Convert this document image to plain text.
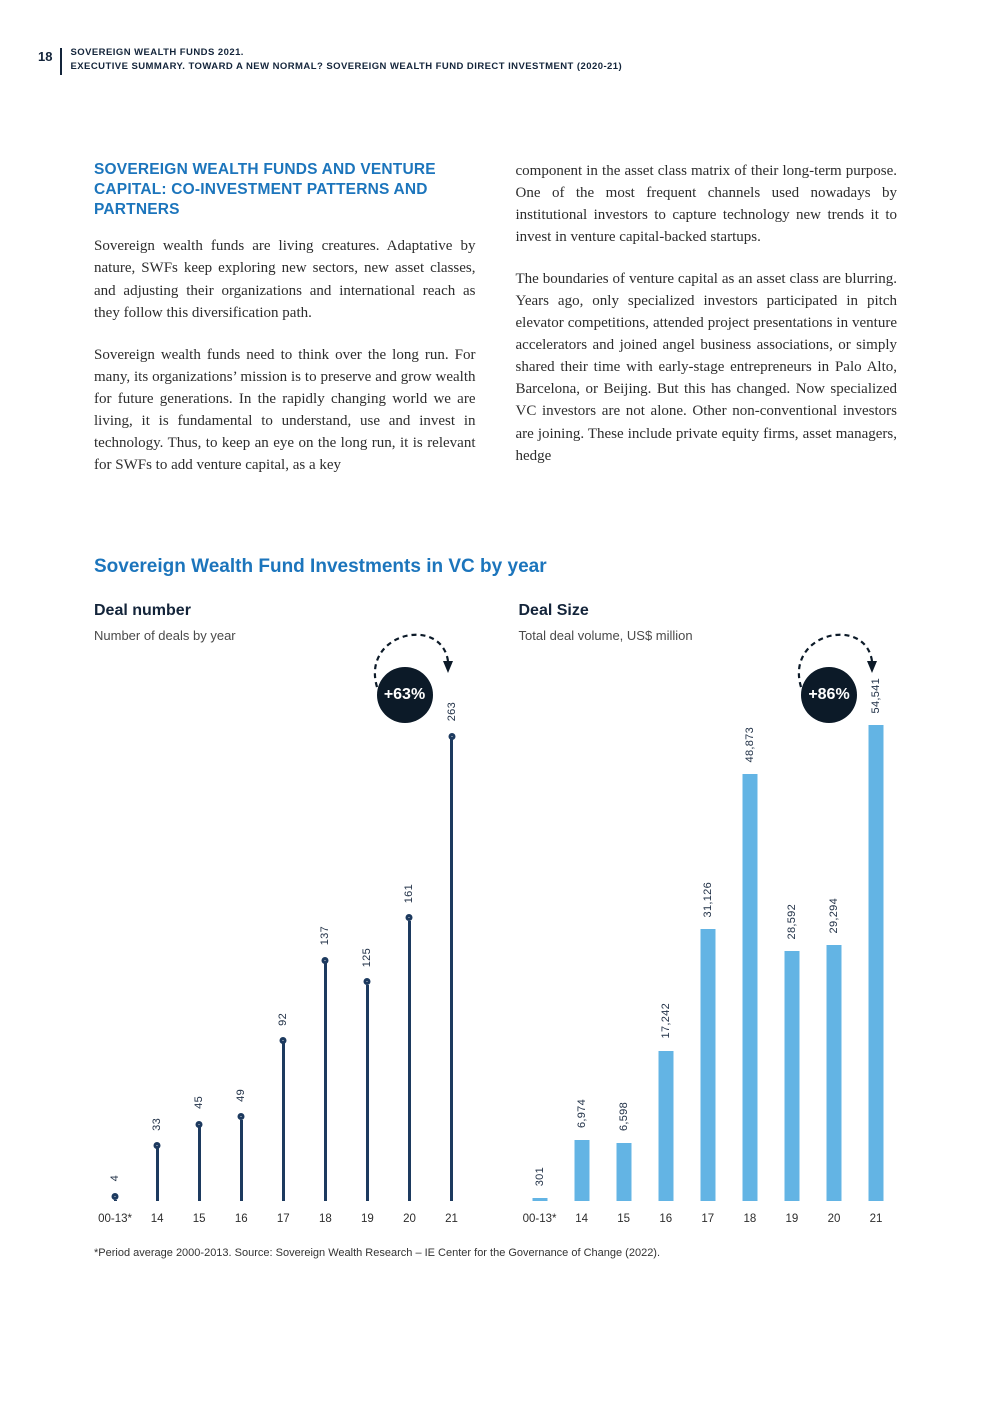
18 SOVEREIGN WEALTH FUNDS 2021.
EXECUTIVE SUMMARY. TOWARD A NEW NORMAL? SOVEREIGN WEALTH FUND DIRECT INVESTMENT (2020-21)
SOVEREIGN WEALTH FUNDS AND VENTURE CAPITAL: CO-INVESTMENT PATTERNS AND PARTNERS

Sovereign wealth funds are living creatures. Adaptative by nature, SWFs keep exploring new sectors, new asset classes, and adjusting their organizations and international reach as they follow this diversification path.

Sovereign wealth funds need to think over the long run. For many, its organizations’ mission is to preserve and grow wealth for future generations. In the rapidly changing world we are living, it is fundamental to understand, use and invest in technology. Thus, to keep an eye on the long run, it is relevant for SWFs to add venture capital, as a key

component in the asset class matrix of their long-term purpose. One of the most frequent channels used nowadays by institutional investors to capture technology new trends it to invest in venture capital-backed startups.

The boundaries of venture capital as an asset class are blurring. Years ago, only specialized investors participated in pitch elevator competitions, attended project presentations in venture accelerators and joined angel business associations, or simply shared their time with early-stage entrepreneurs in Palo Alto, Barcelona, or Beijing. But this has changed. Now specialized VC investors are not alone. Other non-conventional investors are joining. These include private equity firms, asset managers, hedge

Sovereign Wealth Fund Investments in VC by year
Deal number
Number of deals by year
+63%
4
00-13*
33
14
45
15
49
16
92
17
137
18
125
19
161
20
263
21
Deal Size
Total deal volume, US$ million
+86%
301
00-13*
6,974
14
6,598
15
17,242
16
31,126
17
48,873
18
28,592
19
29,294
20
54,541
21
*Period average 2000-2013. Source: Sovereign Wealth Research – IE Center for the Governance of Change (2022).
